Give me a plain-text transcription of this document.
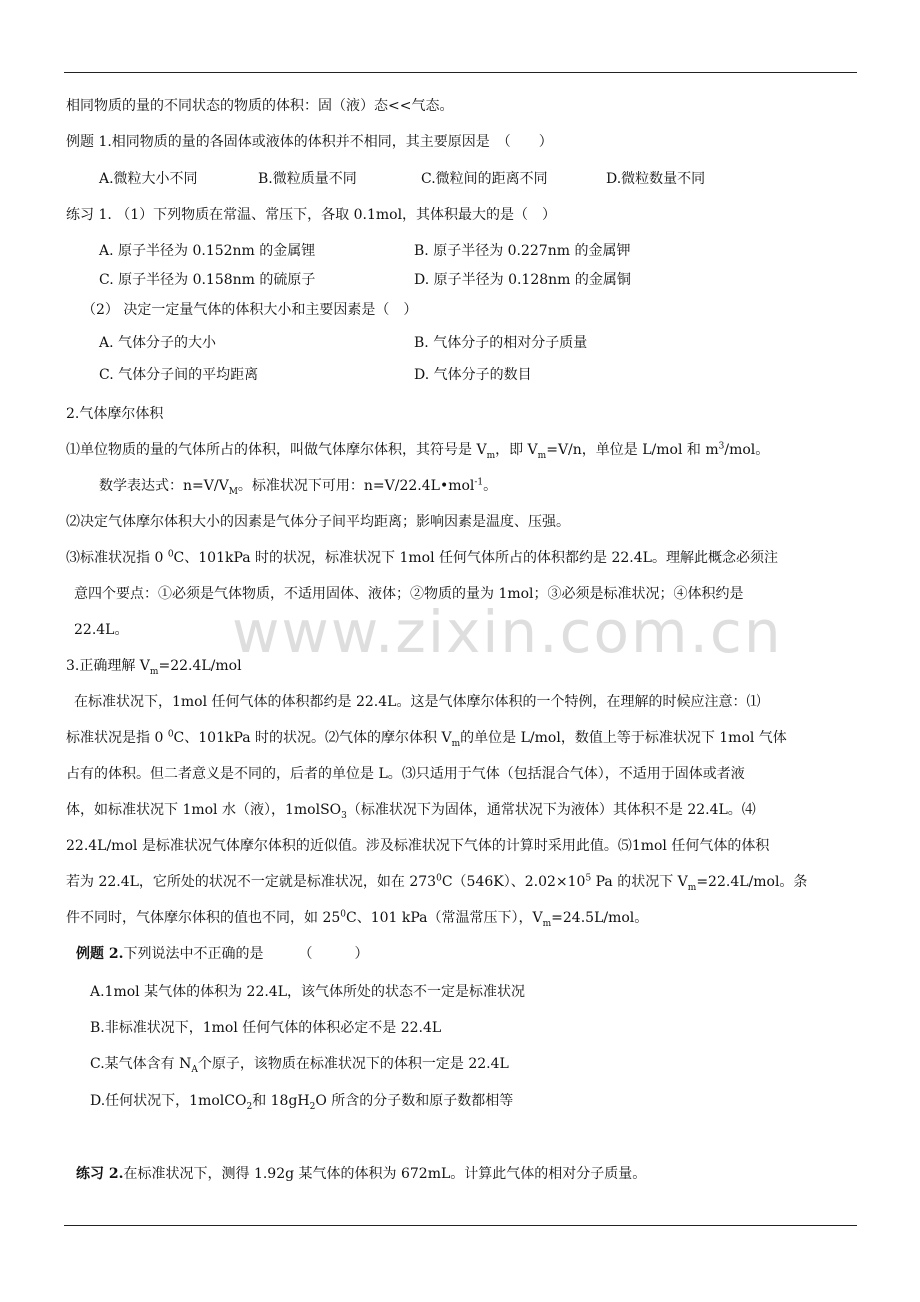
www.zixin.com.cn
相同物质的量的不同状态的物质的体积：固（液）态<<气态。
例题 1.相同物质的量的各固体或液体的体积并不相同，其主要原因是　（　　）
A.微粒大小不同	B.微粒质量不同	C.微粒间的距离不同	D.微粒数量不同
练习 1. （1）下列物质在常温、常压下，各取 0.1mol，其体积最大的是（　）
A. 原子半径为 0.152nm 的金属锂	B. 原子半径为 0.227nm 的金属钾
C. 原子半径为 0.158nm 的硫原子	D. 原子半径为 0.128nm 的金属铜
（2） 决定一定量气体的体积大小和主要因素是（　）
A. 气体分子的大小	B. 气体分子的相对分子质量
C. 气体分子间的平均距离	D. 气体分子的数目
2.气体摩尔体积
⑴单位物质的量的气体所占的体积，叫做气体摩尔体积，其符号是 $V_m$，即 $V_m=V/n$，单位是 L/mol 和 $m^3$/mol。
数学表达式：$n=V/V_M$。标准状况下可用：n=V/22.4L•mol$^{-1}$。
⑵决定气体摩尔体积大小的因素是气体分子间平均距离；影响因素是温度、压强。
⑶标准状况指 0 $^0$C、101kPa 时的状况，标准状况下 1mol 任何气体所占的体积都约是 22.4L。理解此概念必须注
意四个要点：①必须是气体物质，不适用固体、液体；②物质的量为 1mol；③必须是标准状况；④体积约是
22.4L。
3.正确理解 $V_m=22.4L$/mol
在标准状况下，1mol 任何气体的体积都约是 22.4L。这是气体摩尔体积的一个特例，在理解的时候应注意：⑴
标准状况是指 0 $^0$C、101kPa 时的状况。⑵气体的摩尔体积 $V_m$的单位是 L/mol，数值上等于标准状况下 1mol 气体
占有的体积。但二者意义是不同的，后者的单位是 L。⑶只适用于气体（包括混合气体），不适用于固体或者液
体，如标准状况下 1mol 水（液），1molSO$_3$（标准状况下为固体，通常状况下为液体）其体积不是 22.4L。⑷
22.4L/mol 是标准状况气体摩尔体积的近似值。涉及标准状况下气体的计算时采用此值。⑸1mol 任何气体的体积
若为 22.4L，它所处的状况不一定就是标准状况，如在 $273^0C(546K)$、$2.02\times 10^5$ Pa 的状况下 $V_m=22.4L$/mol。条
件不同时，气体摩尔体积的值也不同，如 $25^0C$、101 kPa（常温常压下），$V_m=24.5L$/mol。
例题 2.下列说法中不正确的是　　　（　　　）
A.1mol 某气体的体积为 22.4L，该气体所处的状态不一定是标准状况
B.非标准状况下，1mol 任何气体的体积必定不是 22.4L
C.某气体含有 $N_A$个原子，该物质在标准状况下的体积一定是 22.4L
D.任何状况下，1molCO$_2$和 $18gH_2O$ 所含的分子数和原子数都相等
练习 2.在标准状况下，测得 1.92g 某气体的体积为 672mL。计算此气体的相对分子质量。
